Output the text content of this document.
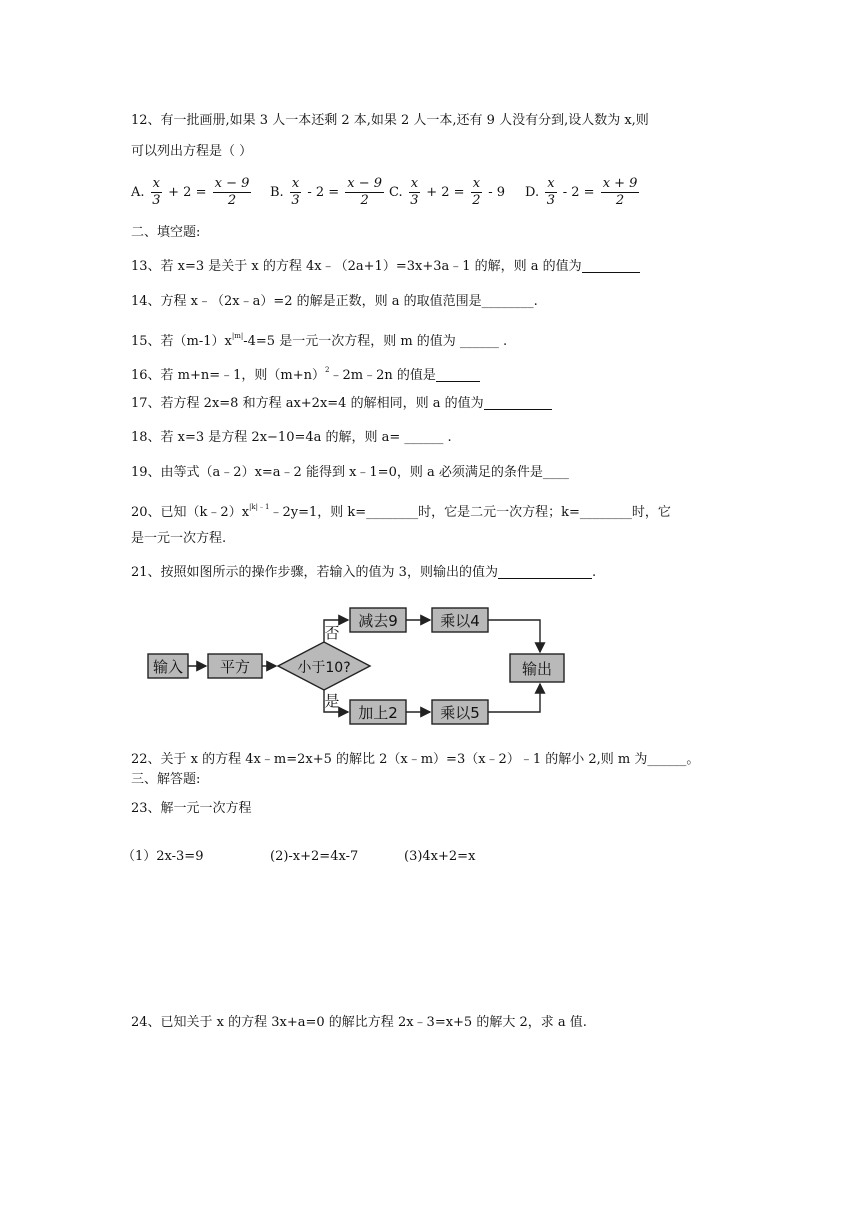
12、有一批画册,如果 3 人一本还剩 2 本,如果 2 人一本,还有 9 人没有分到,设人数为 x,则
可以列出方程是（ ）
A. $\frac{x}{3} + 2 = \frac{x - 9}{2} B$. $\frac{x}{3} - 2 = \frac{x - 9}{2} C$. $\frac{x}{3} + 2 = \frac{x}{2} - 9$ D. $\frac{x}{3} - 2 = \frac{x + 9}{2}$
二、填空题:
13、若 x=3 是关于 x 的方程 4x﹣（2a+1）=3x+3a﹣1 的解，则 a 的值为
14、方程 x﹣（2x﹣a）=2 的解是正数，则 a 的取值范围是________.
15、若$(m-1)x^{|m|}-4=5$ 是一元一次方程，则 m 的值为 ______ .
16、若 m+n=﹣1，则$(m+n)^2﹣2m﹣2n$ 的值是
17、若方程 2x=8 和方程 ax+2x=4 的解相同，则 a 的值为
18、若 x=3 是方程 2x−10=4a 的解，则 a= ______ .
19、由等式（a﹣2）x=a﹣2 能得到 x﹣1=0，则 a 必须满足的条件是____
20、已知$(k﹣2)x^{|k|﹣1}﹣2y=1$，则 k=________时，它是二元一次方程；k=________时，它
是一元一次方程.
21、按照如图所示的操作步骤，若输入的值为 3，则输出的值为	.
输入 平方	小于10?
减去9	乘以4
加上2	乘以5
输出
否
是
22、关于 x 的方程 4x﹣m=2x+5 的解比 2（x﹣m）=3（x﹣2）﹣1 的解小 2,则 m 为______。
三、解答题:
23、解一元一次方程
（1）2x-3=9	(2)-x+2=4x-7	(3)4x+2=x
24、已知关于 x 的方程 3x+a=0 的解比方程 2x﹣3=x+5 的解大 2，求 a 值.
